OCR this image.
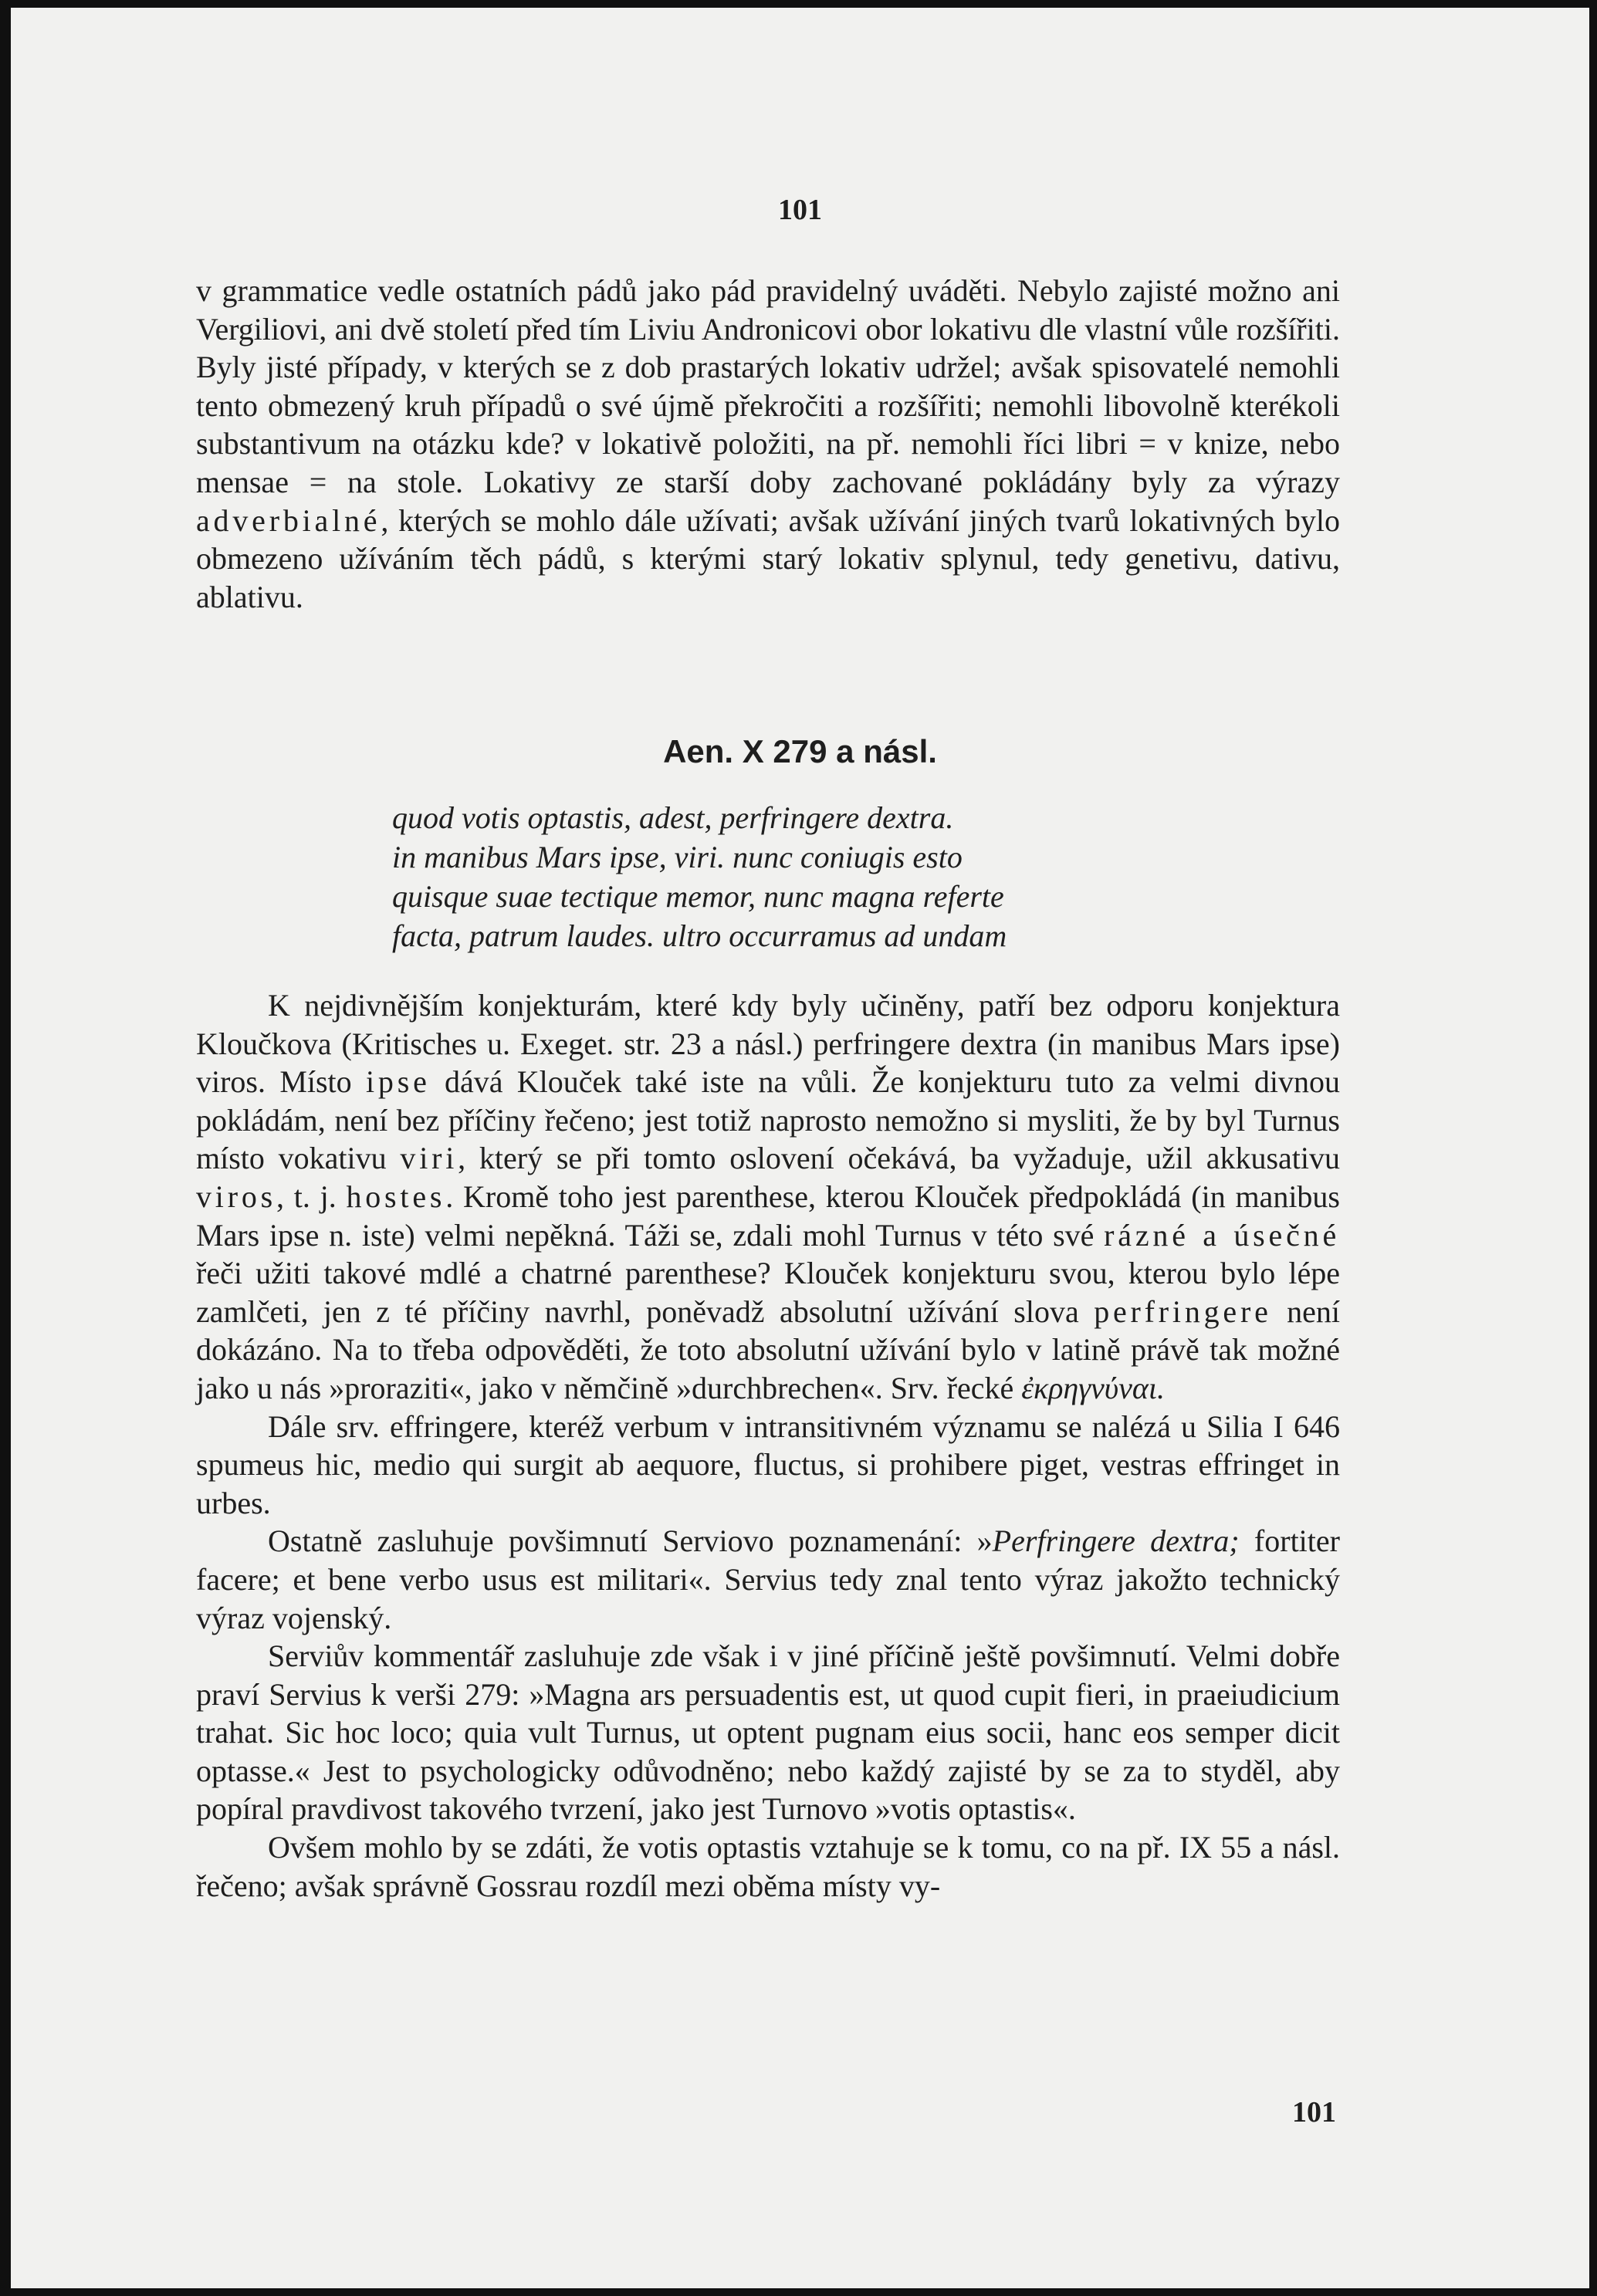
101
v grammatice vedle ostatních pádů jako pád pravidelný uváděti. Nebylo zajisté možno ani Vergiliovi, ani dvě století před tím Liviu Andronicovi obor lokativu dle vlastní vůle rozšířiti. Byly jisté případy, v kterých se z dob prastarých lokativ udržel; avšak spisovatelé nemohli tento obmezený kruh případů o své újmě překročiti a rozšířiti; nemohli libovolně kterékoli substantivum na otázku kde? v lokativě položiti, na př. nemohli říci libri = v knize, nebo mensae = na stole. Lokativy ze starší doby zachované pokládány byly za výrazy adverbialné, kterých se mohlo dále užívati; avšak užívání jiných tvarů lokativných bylo obmezeno užíváním těch pádů, s kterými starý lokativ splynul, tedy genetivu, dativu, ablativu.
Aen. X 279 a násl.
quod votis optastis, adest, perfringere dextra.
in manibus Mars ipse, viri. nunc coniugis esto
quisque suae tectique memor, nunc magna referte
facta, patrum laudes. ultro occurramus ad undam

K nejdivnějším konjekturám, které kdy byly učiněny, patří bez odporu konjektura Kloučkova (Kritisches u. Exeget. str. 23 a násl.) perfringere dextra (in manibus Mars ipse) viros. Místo ipse dává Klouček také iste na vůli. Že konjekturu tuto za velmi divnou pokládám, není bez příčiny řečeno; jest totiž naprosto nemožno si mysliti, že by byl Turnus místo vokativu viri, který se při tomto oslovení očekává, ba vyžaduje, užil akkusativu viros, t. j. hostes. Kromě toho jest parenthese, kterou Klouček předpokládá (in manibus Mars ipse n. iste) velmi nepěkná. Táži se, zdali mohl Turnus v této své rázné a úsečné řeči užiti takové mdlé a chatrné parenthese? Klouček konjekturu svou, kterou bylo lépe zamlčeti, jen z té příčiny navrhl, poněvadž absolutní užívání slova perfringere není dokázáno. Na to třeba odpověděti, že toto absolutní užívání bylo v latině právě tak možné jako u nás »proraziti«, jako v němčině »durchbrechen«. Srv. řecké ἐκρηγνύναι.

Dále srv. effringere, kteréž verbum v intransitivném významu se nalézá u Silia I 646 spumeus hic, medio qui surgit ab aequore, fluctus, si prohibere piget, vestras effringet in urbes.

Ostatně zasluhuje povšimnutí Serviovo poznamenání: »Perfringere dextra; fortiter facere; et bene verbo usus est militari«. Servius tedy znal tento výraz jakožto technický výraz vojenský.

Serviův kommentář zasluhuje zde však i v jiné příčině ještě povšimnutí. Velmi dobře praví Servius k verši 279: »Magna ars persuadentis est, ut quod cupit fieri, in praeiudicium trahat. Sic hoc loco; quia vult Turnus, ut optent pugnam eius socii, hanc eos semper dicit optasse.« Jest to psychologicky odůvodněno; nebo každý zajisté by se za to styděl, aby popíral pravdivost takového tvrzení, jako jest Turnovo »votis optastis«.

Ovšem mohlo by se zdáti, že votis optastis vztahuje se k tomu, co na př. IX 55 a násl. řečeno; avšak správně Gossrau rozdíl mezi oběma místy vy-

101
